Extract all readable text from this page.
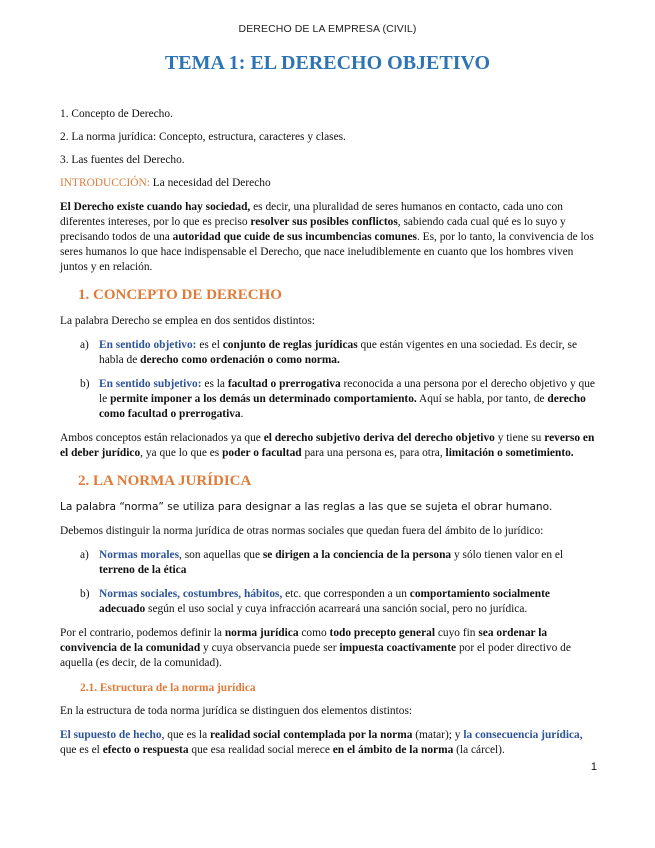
DERECHO DE LA EMPRESA (CIVIL)
TEMA 1: EL DERECHO OBJETIVO

1. Concepto de Derecho.

2. La norma jurídica: Concepto, estructura, caracteres y clases.

3. Las fuentes del Derecho.

INTRODUCCIÓN: La necesidad del Derecho

El Derecho existe cuando hay sociedad, es decir, una pluralidad de seres humanos en contacto, cada uno con diferentes intereses, por lo que es preciso resolver sus posibles conflictos, sabiendo cada cual qué es lo suyo y precisando todos de una autoridad que cuide de sus incumbencias comunes. Es, por lo tanto, la convivencia de los seres humanos lo que hace indispensable el Derecho, que nace ineludiblemente en cuanto que los hombres viven juntos y en relación.

1. CONCEPTO DE DERECHO

La palabra Derecho se emplea en dos sentidos distintos:

a) En sentido objetivo: es el conjunto de reglas jurídicas que están vigentes en una sociedad. Es decir, se habla de derecho como ordenación o como norma.

b) En sentido subjetivo: es la facultad o prerrogativa reconocida a una persona por el derecho objetivo y que le permite imponer a los demás un determinado comportamiento. Aquí se habla, por tanto, de derecho como facultad o prerrogativa.

Ambos conceptos están relacionados ya que el derecho subjetivo deriva del derecho objetivo y tiene su reverso en el deber jurídico, ya que lo que es poder o facultad para una persona es, para otra, limitación o sometimiento.

2. LA NORMA JURÍDICA

La palabra “norma” se utiliza para designar a las reglas a las que se sujeta el obrar humano.

Debemos distinguir la norma jurídica de otras normas sociales que quedan fuera del ámbito de lo jurídico:

a) Normas morales, son aquellas que se dirigen a la conciencia de la persona y sólo tienen valor en el terreno de la ética

b) Normas sociales, costumbres, hábitos, etc. que corresponden a un comportamiento socialmente adecuado según el uso social y cuya infracción acarreará una sanción social, pero no jurídica.

Por el contrario, podemos definir la norma jurídica como todo precepto general cuyo fin sea ordenar la convivencia de la comunidad y cuya observancia puede ser impuesta coactivamente por el poder directivo de aquella (es decir, de la comunidad).

2.1. Estructura de la norma jurídica

En la estructura de toda norma jurídica se distinguen dos elementos distintos:

El supuesto de hecho, que es la realidad social contemplada por la norma (matar); y la consecuencia jurídica, que es el efecto o respuesta que esa realidad social merece en el ámbito de la norma (la cárcel).

1
